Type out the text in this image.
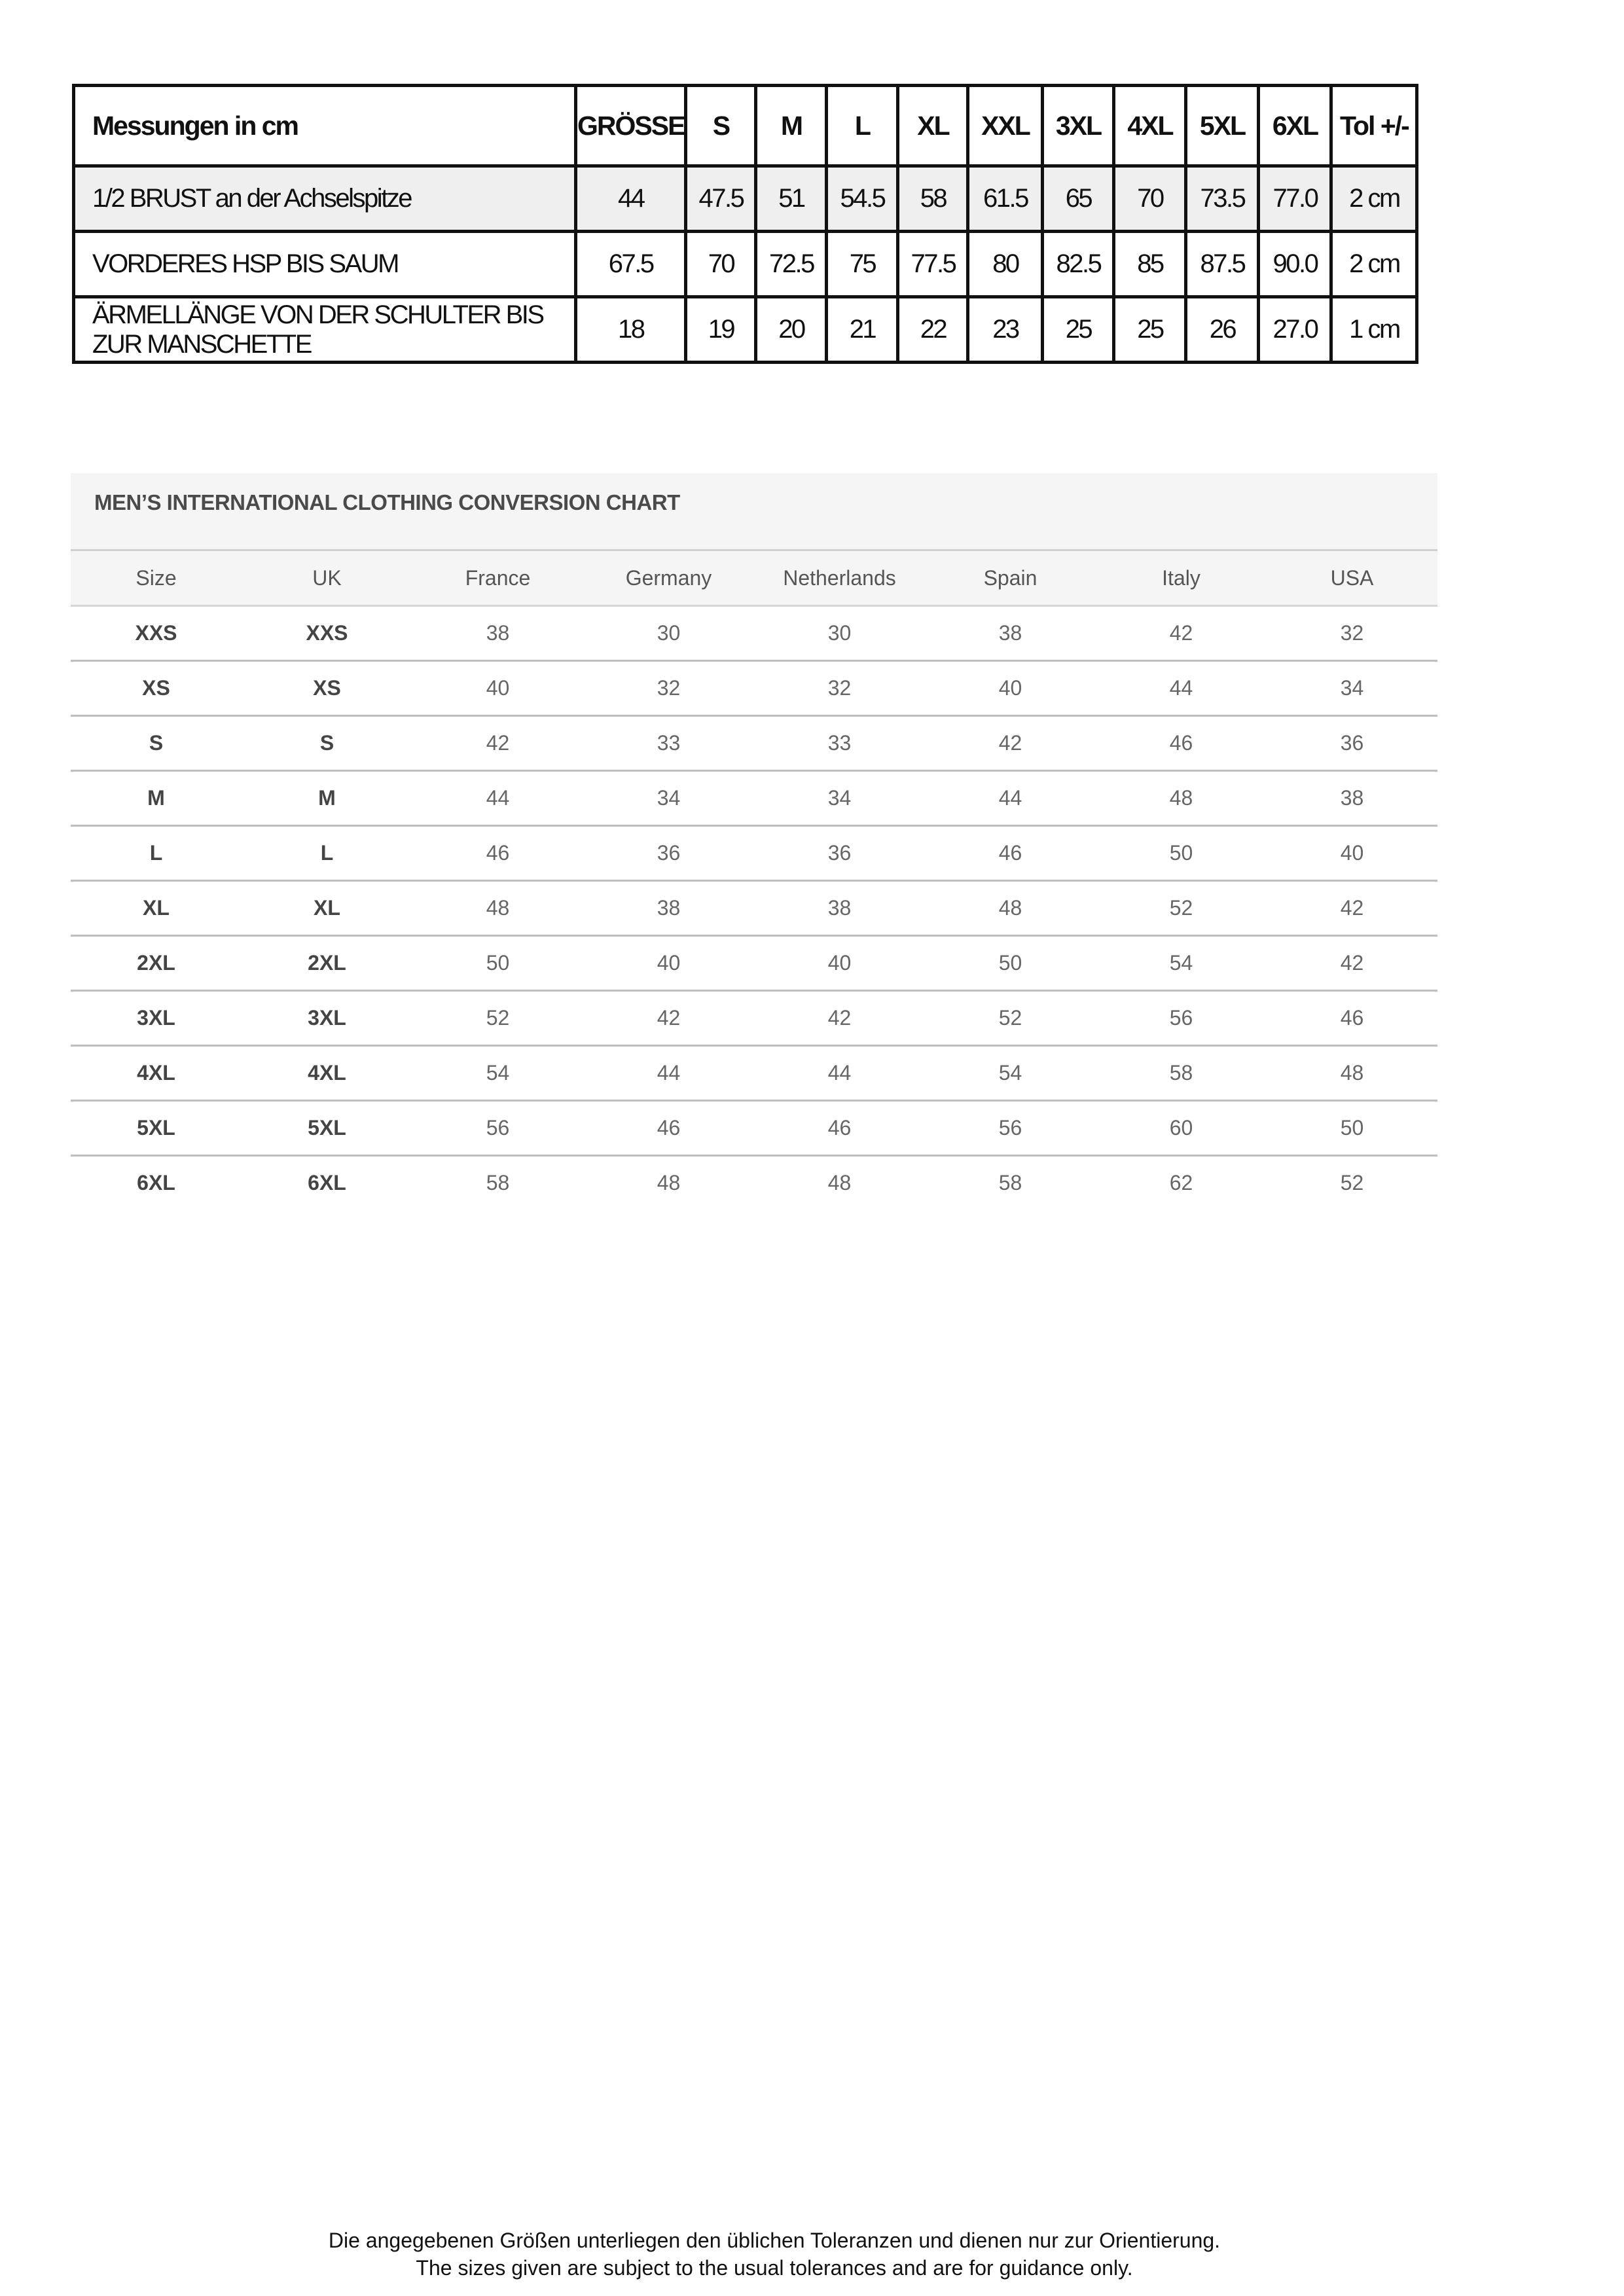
Messungen in cm	GRÖSSE	S	M	L	XL	XXL	3XL	4XL	5XL	6XL	Tol +/-
1/2 BRUST an der Achselspitze	44	47.5	51	54.5	58	61.5	65	70	73.5	77.0	2 cm
VORDERES HSP BIS SAUM	67.5	70	72.5	75	77.5	80	82.5	85	87.5	90.0	2 cm
ÄRMELLÄNGE VON DER SCHULTER BIS ZUR MANSCHETTE	18	19	20	21	22	23	25	25	26	27.0	1 cm
MEN’S INTERNATIONAL CLOTHING CONVERSION CHART
Size	UK	France	Germany	Netherlands	Spain	Italy	USA
XXS	XXS	38	30	30	38	42	32
XS	XS	40	32	32	40	44	34
S	S	42	33	33	42	46	36
M	M	44	34	34	44	48	38
L	L	46	36	36	46	50	40
XL	XL	48	38	38	48	52	42
2XL	2XL	50	40	40	50	54	42
3XL	3XL	52	42	42	52	56	46
4XL	4XL	54	44	44	54	58	48
5XL	5XL	56	46	46	56	60	50
6XL	6XL	58	48	48	58	62	52
Die angegebenen Größen unterliegen den üblichen Toleranzen und dienen nur zur Orientierung.
The sizes given are subject to the usual tolerances and are for guidance only.
